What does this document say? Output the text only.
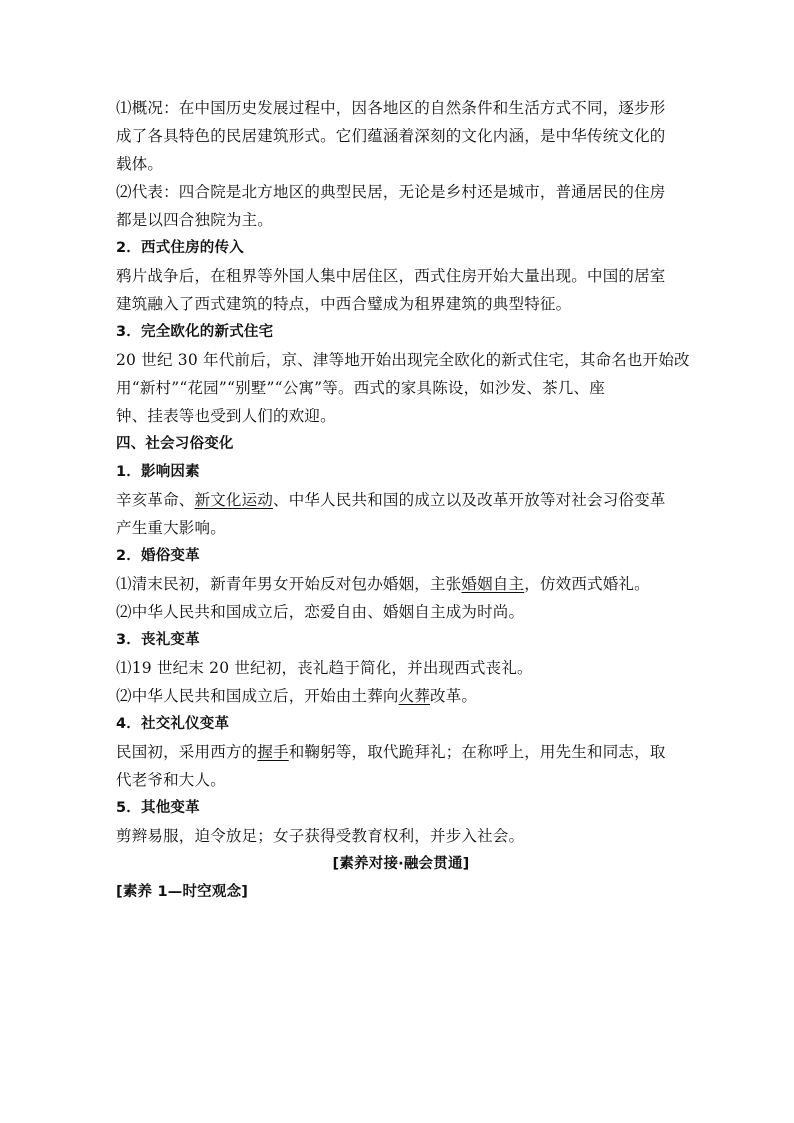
⑴概况：在中国历史发展过程中，因各地区的自然条件和生活方式不同，逐步形
成了各具特色的民居建筑形式。它们蕴涵着深刻的文化内涵，是中华传统文化的
载体。
⑵代表：四合院是北方地区的典型民居，无论是乡村还是城市，普通居民的住房
都是以四合独院为主。
2．西式住房的传入
鸦片战争后，在租界等外国人集中居住区，西式住房开始大量出现。中国的居室
建筑融入了西式建筑的特点，中西合璧成为租界建筑的典型特征。
3．完全欧化的新式住宅
20 世纪 30 年代前后，京、津等地开始出现完全欧化的新式住宅，其命名也开始改
用“新村”“花园”“别墅”“公寓”等。西式的家具陈设，如沙发、茶几、座
钟、挂表等也受到人们的欢迎。
四、社会习俗变化
1．影响因素
辛亥革命、新文化运动、中华人民共和国的成立以及改革开放等对社会习俗变革
产生重大影响。
2．婚俗变革
⑴清末民初，新青年男女开始反对包办婚姻，主张婚姻自主，仿效西式婚礼。
⑵中华人民共和国成立后，恋爱自由、婚姻自主成为时尚。
3．丧礼变革
⑴19 世纪末 20 世纪初，丧礼趋于简化，并出现西式丧礼。
⑵中华人民共和国成立后，开始由土葬向火葬改革。
4．社交礼仪变革
民国初，采用西方的握手和鞠躬等，取代跪拜礼；在称呼上，用先生和同志，取
代老爷和大人。
5．其他变革
剪辫易服，迫令放足；女子获得受教育权利，并步入社会。
[素养对接·融会贯通]
[素养 1—时空观念]
